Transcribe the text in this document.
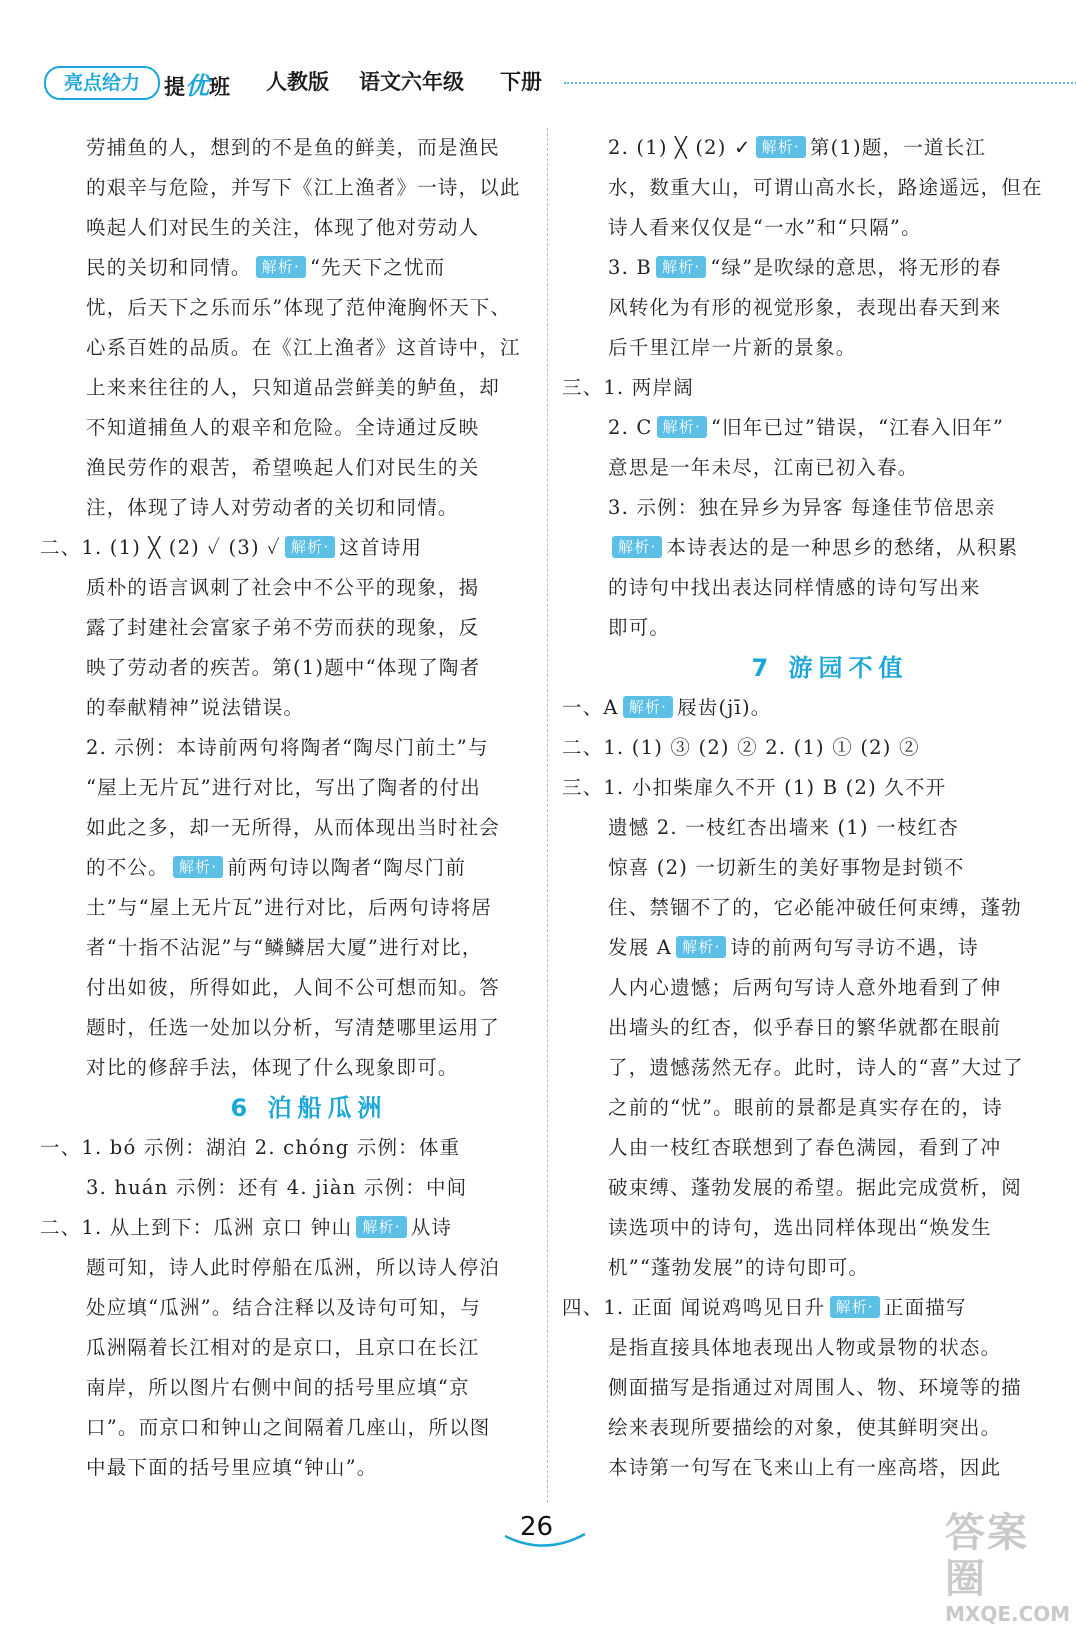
亮点给力	提优班 人教版 语文六年级 下册
劳捕鱼的人，想到的不是鱼的鲜美，而是渔民
的艰辛与危险，并写下《江上渔者》一诗，以此
唤起人们对民生的关注，体现了他对劳动人
民的关切和同情。 解析 · “先天下之忧而
忧，后天下之乐而乐”体现了范仲淹胸怀天下、
心系百姓的品质。在《江上渔者》这首诗中，江
上来来往往的人，只知道品尝鲜美的鲈鱼，却
不知道捕鱼人的艰辛和危险。全诗通过反映
渔民劳作的艰苦，希望唤起人们对民生的关
注，体现了诗人对劳动者的关切和同情。
二、1. (1) ╳ (2) ✓ (3) ✓ 解析 · 这首诗用
质朴的语言讽刺了社会中不公平的现象，揭
露了封建社会富家子弟不劳而获的现象，反
映了劳动者的疾苦。第(1)题中“体现了陶者
的奉献精神”说法错误。
2. 示例：本诗前两句将陶者“陶尽门前土”与
“屋上无片瓦”进行对比，写出了陶者的付出
如此之多，却一无所得，从而体现出当时社会
的不公。 解析 · 前两句诗以陶者“陶尽门前
土”与“屋上无片瓦”进行对比，后两句诗将居
者“十指不沾泥”与“鳞鳞居大厦”进行对比，
付出如彼，所得如此，人间不公可想而知。答
题时，任选一处加以分析，写清楚哪里运用了
对比的修辞手法，体现了什么现象即可。
6 泊船瓜洲
一、1. bó 示例：湖泊 2. chóng 示例：体重
3. huán 示例：还有 4. jiàn 示例：中间
二、1. 从上到下：瓜洲 京口 钟山 解析 · 从诗
题可知，诗人此时停船在瓜洲，所以诗人停泊
处应填“瓜洲”。结合注释以及诗句可知，与
瓜洲隔着长江相对的是京口，且京口在长江
南岸，所以图片右侧中间的括号里应填“京
口”。而京口和钟山之间隔着几座山，所以图
中最下面的括号里应填“钟山”。
2. (1) ╳ (2) ✓ 解析 · 第(1)题，一道长江
水，数重大山，可谓山高水长，路途遥远，但在
诗人看来仅仅是“一水”和“只隔”。
3. B 解析 · “绿”是吹绿的意思，将无形的春
风转化为有形的视觉形象，表现出春天到来
后千里江岸一片新的景象。
三、1. 两岸阔
2. C 解析 · “旧年已过”错误，“江春入旧年”
意思是一年未尽，江南已初入春。
3. 示例：独在异乡为异客 每逢佳节倍思亲
解析 · 本诗表达的是一种思乡的愁绪，从积累
的诗句中找出表达同样情感的诗句写出来
即可。
7 游园不值
一、A 解析 · 屐齿(jī)。
二、1. (1) ③ (2) ② 2. (1) ① (2) ②
三、1. 小扣柴扉久不开 (1) B (2) 久不开
遗憾 2. 一枝红杏出墙来 (1) 一枝红杏
惊喜 (2) 一切新生的美好事物是封锁不
住、禁锢不了的，它必能冲破任何束缚，蓬勃
发展 A 解析 · 诗的前两句写寻访不遇，诗
人内心遗憾；后两句写诗人意外地看到了伸
出墙头的红杏，似乎春日的繁华就都在眼前
了，遗憾荡然无存。此时，诗人的“喜”大过了
之前的“忧”。眼前的景都是真实存在的，诗
人由一枝红杏联想到了春色满园，看到了冲
破束缚、蓬勃发展的希望。据此完成赏析，阅
读选项中的诗句，选出同样体现出“焕发生
机”“蓬勃发展”的诗句即可。
四、1. 正面 闻说鸡鸣见日升 解析 · 正面描写
是指直接具体地表现出人物或景物的状态。
侧面描写是指通过对周围人、物、环境等的描
绘来表现所要描绘的对象，使其鲜明突出。
本诗第一句写在飞来山上有一座高塔，因此
26	答案圈
MXQE.COM
